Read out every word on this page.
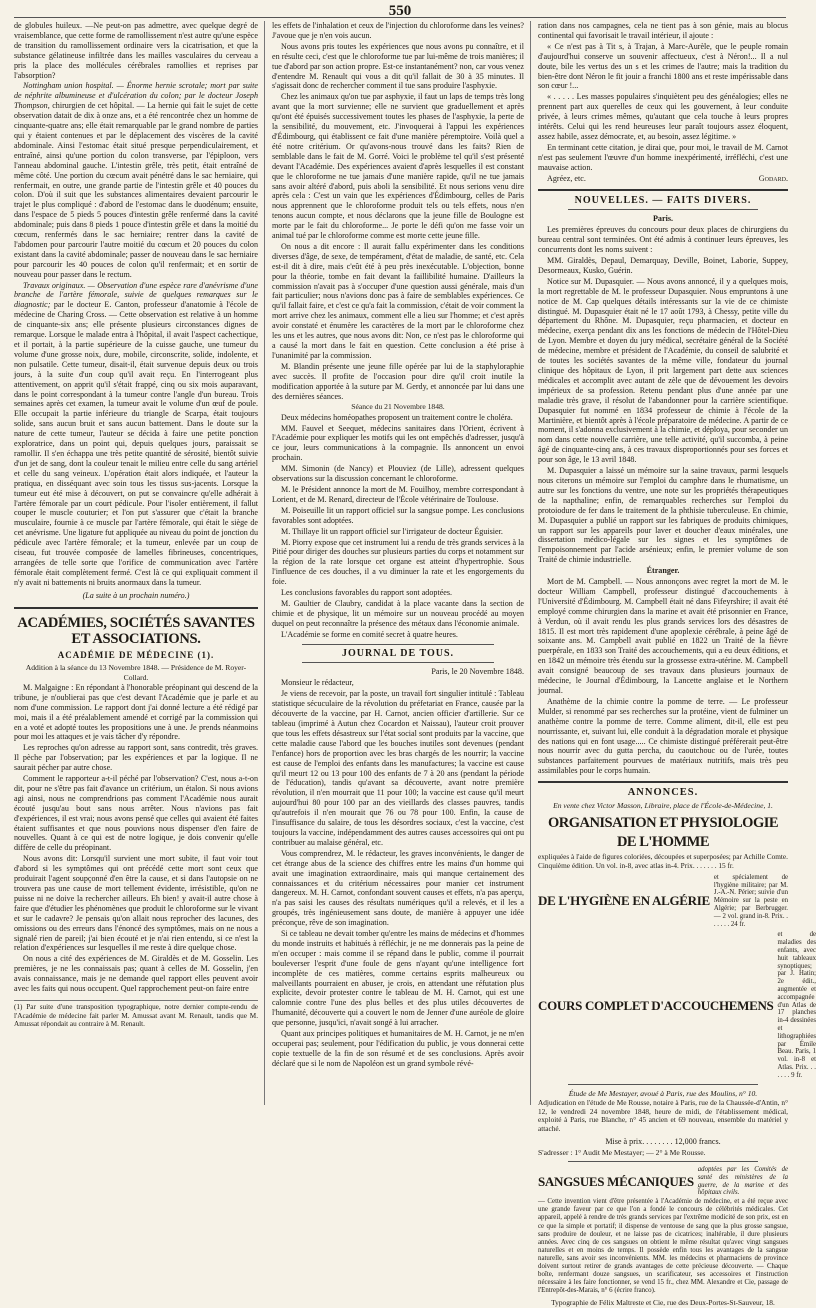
550

de globules huileux. —Ne peut-on pas admettre, avec quelque degré de vraisemblance, que cette forme de ramollissement n'est autre qu'une espèce de transition du ramollissement ordinaire vers la cicatrisation, et que la substance gélatineuse infiltrée dans les mailles vasculaires du cerveau a pris la place des mollécules cérébrales ramollies et reprises par l'absorption?

Nottingham union hospital. — Énorme hernie scrotale; mort par suite de néphrite albumineuse et d'ulcération du colon; par le docteur Joseph Thompson, chirurgien de cet hôpital. — La hernie qui fait le sujet de cette observation datait de dix à onze ans, et a été rencontrée chez un homme de cinquante-quatre ans; elle était remarquable par le grand nombre de parties qui y étaient contenues et par le déplacement des viscères de la cavité abdominale. Ainsi l'estomac était situé presque perpendiculairement, et entraîné, ainsi qu'une portion du colon transverse, par l'épiploon, vers l'anneau abdominal gauche. L'intestin grêle, très petit, était entraîné de même côté. Une portion du cœcum avait pénétré dans le sac herniaire, qui renfermait, en outre, une grande partie de l'intestin grêle et 40 pouces du colon. D'où il suit que les substances alimentaires devaient parcourir le trajet le plus compliqué : d'abord de l'estomac dans le duodénum; ensuite, dans l'espace de 5 pieds 5 pouces d'intestin grêle renfermé dans la cavité abdominale; puis dans 8 pieds 1 pouce d'intestin grêle et dans la moitié du cœcum, renfermés dans le sac herniaire; rentrer dans la cavité de l'abdomen pour parcourir l'autre moitié du cœcum et 20 pouces du colon existant dans la cavité abdominale; passer de nouveau dans le sac herniaire pour parcourir les 40 pouces de colon qu'il renfermait; et en sortir de nouveau pour passer dans le rectum.

Travaux originaux. — Observation d'une espèce rare d'anévrisme d'une branche de l'artère fémorale, suivie de quelques remarques sur le diagnostic; par le docteur E. Canton, professeur d'anatomie à l'école de médecine de Charing Cross. — Cette observation est relative à un homme de cinquante-six ans; elle présente plusieurs circonstances dignes de remarque. Lorsque le malade entra à l'hôpital, il avait l'aspect cachectique, et il portait, à la partie supérieure de la cuisse gauche, une tumeur du volume d'une grosse noix, dure, mobile, circonscrite, solide, indolente, et non pulsatile. Cette tumeur, disait-il, était survenue depuis deux ou trois jours, à la suite d'un coup qu'il avait reçu. En l'interrogeant plus attentivement, on apprit qu'il s'était frappé, cinq ou six mois auparavant, dans le point correspondant à la tumeur contre l'angle d'un bureau. Trois semaines après cet examen, la tumeur avait le volume d'un œuf de poule. Elle occupait la partie inférieure du triangle de Scarpa, était toujours solide, sans aucun bruit et sans aucun battement. Dans le doute sur la nature de cette tumeur, l'auteur se décida à faire une petite ponction exploratrice, dans un point qui, depuis quelques jours, paraissait se ramollir. Il s'en échappa une très petite quantité de sérosité, bientôt suivie d'un jet de sang, dont la couleur tenait le milieu entre celle du sang artériel et celle du sang veineux. L'opération était alors indiquée, et l'auteur la pratiqua, en disséquant avec soin tous les tissus sus-jacents. Lorsque la tumeur eut été mise à découvert, on put se convaincre qu'elle adhérait à l'artère fémorale par un court pédicule. Pour l'isoler entièrement, il fallut couper le muscle couturier; et l'on put s'assurer que c'était la branche musculaire, fournie à ce muscle par l'artère fémorale, qui était le siège de cet anévrisme. Une ligature fut appliquée au niveau du point de jonction du pédicule avec l'artère fémorale; et la tumeur, enlevée par un coup de ciseau, fut trouvée composée de lamelles fibrineuses, concentriques, arrangées de telle sorte que l'orifice de communication avec l'artère fémorale était complètement fermé. C'est là ce qui expliquait comment il n'y avait ni battements ni bruits anormaux dans la tumeur.

(La suite à un prochain numéro.)
ACADÉMIES, SOCIÉTÉS SAVANTES ET ASSOCIATIONS.
ACADÉMIE DE MÉDECINE (1).

Addition à la séance du 13 Novembre 1848. — Présidence de M. Royer-Collard.

M. Malgaigne : En répondant à l'honorable préopinant qui descend de la tribune, je n'oublierai pas que c'est devant l'Académie que je parle et au nom d'une commission. Le rapport dont j'ai donné lecture a été rédigé par moi, mais il a été préalablement amendé et corrigé par la commission qui en a voté et adopté toutes les propositions une à une. Je prends néanmoins pour moi les attaques et je vais tâcher d'y répondre.

Les reproches qu'on adresse au rapport sont, sans contredit, très graves. Il pèche par l'observation; par les expériences et par la logique. Il ne saurait pécher par autre chose.

Comment le rapporteur a-t-il péché par l'observation? C'est, nous a-t-on dit, pour ne s'être pas fait d'avance un critérium, un étalon. Si nous avions agi ainsi, nous ne comprendrions pas comment l'Académie nous aurait écouté jusqu'au bout sans nous arrêter. Nous n'avions pas fait d'expériences, il est vrai; nous avons pensé que celles qui avaient été faites étaient suffisantes et que nous pouvions nous dispenser d'en faire de nouvelles. Quant à ce qui est de notre logique, je dois convenir qu'elle diffère de celle du préopinant.

Nous avons dit: Lorsqu'il survient une mort subite, il faut voir tout d'abord si les symptômes qui ont précédé cette mort sont ceux que produirait l'agent soupçonné d'en être la cause, et si dans l'autopsie on ne trouvera pas une cause de mort tellement évidente, irrésistible, qu'on ne puisse ni ne doive la rechercher ailleurs. Eh bien! y avait-il autre chose à faire que d'étudier les phénomènes que produit le chloroforme sur le vivant et sur le cadavre? Je pensais qu'on allait nous reprocher des lacunes, des omissions ou des erreurs dans l'énoncé des symptômes, mais on ne nous a signalé rien de pareil; j'ai bien écouté et je n'ai rien entendu, si ce n'est la relation d'expériences sur lesquelles il me reste à dire quelque chose.

On nous a cité des expériences de M. Giraldès et de M. Gosselin. Les premières, je ne les connaissais pas; quant à celles de M. Gosselin, j'en avais connaissance, mais je ne demande quel rapport elles peuvent avoir avec les faits qui nous occupent. Quel rapprochement peut-on faire entre

(1) Par suite d'une transposition typographique, notre dernier compte-rendu de l'Académie de médecine fait parler M. Amussat avant M. Renault, tandis que M. Amussat répondait au contraire à M. Renault.

les effets de l'inhalation et ceux de l'injection du chloroforme dans les veines? J'avoue que je n'en vois aucun.

Nous avons pris toutes les expériences que nous avons pu connaître, et il en résulte ceci, c'est que le chloroforme tue par lui-même de trois manières; il tue d'abord par son action propre. Est-ce instantanément? non, car vous venez d'entendre M. Renault qui vous a dit qu'il fallait de 30 à 35 minutes. Il s'agissait donc de rechercher comment il tue sans produire l'asphyxie.

Chez les animaux qu'on tue par asphyxie, il faut un laps de temps très long avant que la mort survienne; elle ne survient que graduellement et après qu'ont été épuisés successivement toutes les phases de l'asphyxie, la perte de la sensibilité, du mouvement, etc. J'invoquerai à l'appui les expériences d'Édimbourg, qui établissent ce fait d'une manière péremptoire. Voilà quel a été notre critérium. Or qu'avons-nous trouvé dans les faits? Rien de semblable dans le fait de M. Gorré. Voici le problème tel qu'il s'est présenté devant l'Académie. Des expériences avaient d'après lesquelles il est constant que le chloroforme ne tue jamais d'une manière rapide, qu'il ne tue jamais sans avoir altéré d'abord, puis aboli la sensibilité. Et nous serions venu dire après cela : C'est un vain que les expériences d'Édimbourg, celles de Paris nous apprennent que le chloroforme produit tels ou tels effets, nous n'en tenons aucun compte, et nous déclarons que la jeune fille de Boulogne est morte par le fait du chloroforme... Je porte le défi qu'on me fasse voir un animal tué par le chloroforme comme est morte cette jeune fille.

On nous a dit encore : Il aurait fallu expérimenter dans les conditions diverses d'âge, de sexe, de tempérament, d'état de maladie, de santé, etc. Cela est-il dit à dire, mais c'eût été à peu près inexécutable. L'objection, bonne pour la théorie, tombe en fait devant la faillibilité humaine. D'ailleurs la commission n'avait pas à s'occuper d'une question aussi générale, mais d'un fait particulier; nous n'avions donc pas à faire de semblables expériences. Ce qu'il fallait faire, et c'est ce qu'a fait la commission, c'était de voir comment la mort arrive chez les animaux, comment elle a lieu sur l'homme; et c'est après avoir constaté et énumère les caractères de la mort par le chloroforme chez les uns et les autres, que nous avons dit: Non, ce n'est pas le chloroforme qui a causé la mort dans le fait en question. Cette conclusion a été prise à l'unanimité par la commission.

M. Blandin présente une jeune fille opérée par lui de la staphyloraphie avec succès. Il profite de l'occasion pour dire qu'il croit inutile la modification apportée à la suture par M. Gerdy, et annoncée par lui dans une des dernières séances.

Séance du 21 Novembre 1848.

Deux médecins homéopathes proposent un traitement contre le choléra.

MM. Fauvel et Seequet, médecins sanitaires dans l'Orient, écrivent à l'Académie pour expliquer les motifs qui les ont empêchés d'adresser, jusqu'à ce jour, leurs communications à la compagnie. Ils annoncent un envoi prochain.

MM. Simonin (de Nancy) et Plouviez (de Lille), adressent quelques observations sur la discussion concernant le chloroforme.

M. le Président annonce la mort de M. Fouilhoy, membre correspondant à Lorient, et de M. Renard, directeur de l'École vétérinaire de Toulouse.

M. Poiseuille lit un rapport officiel sur la sangsue pompe. Les conclusions favorables sont adoptées.

M. Thillaye lit un rapport officiel sur l'irrigateur de docteur Éguisier.

M. Piorry expose que cet instrument lui a rendu de très grands services à la Pitié pour diriger des douches sur plusieurs parties du corps et notamment sur la région de la rate lorsque cet organe est atteint d'hypertrophie. Sous l'influence de ces douches, il a vu diminuer la rate et les engorgements du foie.

Les conclusions favorables du rapport sont adoptées.

M. Gaultier de Claubry, candidat à la place vacante dans la section de chimie et de physique, lit un mémoire sur un nouveau procédé au moyen duquel on peut reconnaître la présence des métaux dans l'économie animale.

L'Académie se forme en comité secret à quatre heures.

JOURNAL DE TOUS.

Paris, le 20 Novembre 1848.

Monsieur le rédacteur,

Je viens de recevoir, par la poste, un travail fort singulier intitulé : Tableau statistique sécuculaire de la révolution du préfetariat en France, causée par la découverte de la vaccine, par H. Carnot, ancien officier d'artillerie. Sur ce tableau (imprimé à Autun chez Cocardon et Naissau), l'auteur croit prouver que tous les effets désastreux sur l'état social sont produits par la vaccine, que cette maladie cause l'abord que les bouches inutiles sont devenues (pendant l'enfance) hors de proportion avec les bras chargés de les nourrir; la vaccine est cause de l'emploi des enfants dans les manufactures; la vaccine est cause qu'il meurt 12 ou 13 pour 100 des enfants de 7 à 20 ans (pendant la période de l'éducation), tandis qu'avant sa découverte, avant notre première révolution, il n'en mourrait que 11 pour 100; la vaccine est cause qu'il meurt aujourd'hui 80 pour 100 par an des vieillards des classes pauvres, tandis qu'autrefois il n'en mourait que 76 ou 78 pour 100. Enfin, la cause de l'insuffisance du salaire, de tous les désordres sociaux, c'est la vaccine, c'est toujours la vaccine, indépendamment des autres causes accessoires qui ont pu contribuer au malaise général, etc.

Vous comprendrez, M. le rédacteur, les graves inconvénients, le danger de cet étrange abus de la science des chiffres entre les mains d'un homme qui avait une imagination extraordinaire, mais qui manque certainement des connaissances et du critérium nécessaires pour manier cet instrument dangereux. M. H. Carnot, confondant souvent causes et effets, n'a pas aperçu, n'a pas saisi les causes des résultats numériques qu'il a relevés, et il les a groupés, très ingénieusement sans doute, de manière à appuyer une idée préconçue, rêve de son imagination.

Si ce tableau ne devait tomber qu'entre les mains de médecins et d'hommes du monde instruits et habitués à réfléchir, je ne me donnerais pas la peine de m'en occuper : mais comme il se répand dans le public, comme il pourrait bouleverser l'esprit d'une foule de gens n'ayant qu'une intelligence fort incomplète de ces matières, comme certains esprits malheureux ou malveillants pourraient en abuser, je crois, en attendant une réfutation plus explicite, devoir protester contre le tableau de M. H. Carnot, qui est une calomnie contre l'une des plus belles et des plus utiles découvertes de l'humanité, découverte qui a couvert le nom de Jenner d'une auréole de gloire que personne, jusqu'ici, n'avait songé à lui arracher.

Quant aux principes politiques et humanitaires de M. H. Carnot, je ne m'en occuperai pas; seulement, pour l'édification du public, je vous donnerai cette copie textuelle de la fin de son résumé et de ses conclusions. Après avoir déclaré que si le nom de Napoléon est un grand symbole révé-

ration dans nos campagnes, cela ne tient pas à son génie, mais au blocus continental qui favorisait le travail intérieur, il ajoute :

« Ce n'est pas à Tit s, à Trajan, à Marc-Aurèle, que le peuple romain d'aujourd'hui conserve un souvenir affectueux, c'est à Néron!... Il a nul doute, bile les vertus des un s et les crimes de l'autre; mais la tradition du bien-être dont Néron le fit jouir a franchi 1800 ans et reste impérissable dans son cœur !...

« . . . . . Les masses populaires s'inquiètent peu des généalogies; elles ne prennent part aux querelles de ceux qui les gouvernent, à leur conduite privée, à leurs crimes mêmes, qu'autant que cela touche à leurs propres intérêts. Celui qui les rend heureuses leur paraît toujours assez éloquent, assez habile, assez démocrate, et, au besoin, assez légitime. »

En terminant cette citation, je dirai que, pour moi, le travail de M. Carnot n'est pas seulement l'œuvre d'un homme inexpérimenté, irréfléchi, c'est une mauvaise action.

Agréez, etc.	Godard.

NOUVELLES. — FAITS DIVERS.

Paris.

Les premières épreuves du concours pour deux places de chirurgiens du bureau central sont terminées. Ont été admis à continuer leurs épreuves, les concurrents dont les noms suivent :

MM. Giraldès, Depaul, Demarquay, Deville, Boinet, Laborie, Suppey, Desormeaux, Kusko, Guérin.

Notice sur M. Dupasquier. — Nous avons annoncé, il y a quelques mois, la mort regrettable de M. le professeur Dupasquier. Nous empruntons à une notice de M. Cap quelques détails intéressants sur la vie de ce chimiste distingué. M. Dupasquier était né le 17 août 1793, à Chessy, petite ville du département du Rhône. M. Dupasquier, reçu pharmacien, et docteur en médecine, exerça pendant dix ans les fonctions de médecin de l'Hôtel-Dieu de Lyon. Membre et doyen du jury médical, secrétaire général de la Société de médecine, membre et président de l'Académie, du conseil de salubrité et de toutes les sociétés savantes de la même ville, fondateur du journal clinique des hôpitaux de Lyon, il prit largement part dette aux sciences médicales et accomplit avec autant de zèle que de dévouement les devoirs impérieux de sa profession. Retenu pendant plus d'une année par une maladie très grave, il résolut de l'abandonner pour la carrière scientifique. Dupasquier fut nommé en 1834 professeur de chimie à l'école de la Martinière, et bientôt après à l'école préparatoire de médecine. A partir de ce moment, il s'adonna exclusivement à la chimie, et déploya, pour seconder un nom dans cette nouvelle carrière, une telle activité, qu'il succomba, à peine âgé de cinquante-cinq ans, à ces travaux disproportionnés pour ses forces et pour son âge, le 13 avril 1848.

M. Dupasquier a laissé un mémoire sur la saine travaux, parmi lesquels nous citerons un mémoire sur l'emploi du camphre dans le rhumatisme, un autre sur les fonctions du ventre, une note sur les propriétés thérapeutiques de la napthaline; enfin, de remarquables recherches sur l'emploi du protoiodure de fer dans le traitement de la phthisie tuberculeuse. En chimie, M. Dupasquier a publié un rapport sur les fabriques de produits chimiques, un rapport sur les appareils pour laver et doucher d'eaux minérales, une dissertation médico-légale sur les signes et les symptômes de l'empoisonnement par l'acide arsénieux; enfin, le premier volume de son Traité de chimie industrielle.

Étranger.

Mort de M. Campbell. — Nous annonçons avec regret la mort de M. le docteur William Campbell, professeur distingué d'accouchements à l'Université d'Édimbourg. M. Campbell était né dans Fifeyrshire; il avait été employé comme chirurgien dans la marine et avait été prisonnier en France, à Verdun, où il avait rendu les plus grands services lors des désastres de 1815. Il est mort très rapidement d'une apoplexie cérébrale, à peine âgé de soixante ans. M. Campbell avait publié en 1822 un Traité de la fièvre puerpérale, en 1833 son Traité des accouchements, qui a eu deux éditions, et en 1842 un mémoire très étendu sur la grossesse extra-utérine. M. Campbell avait consigné beaucoup de ses travaux dans plusieurs journaux de médecine, le Journal d'Édimbourg, la Lancette anglaise et le Northern journal.

Anathème de la chimie contre la pomme de terre. — Le professeur Mulder, si renommé par ses recherches sur la protéine, vient de fulminer un anathème contre la pomme de terre. Comme aliment, dit-il, elle est peu nourrissante, et, suivant lui, elle conduit à la dégradation morale et physique des nations qui en font usage..... Ce chimiste distingué préférerait peut-être nous nourrir avec du gutta percha, du caoutchouc ou de l'urée, toutes substances parfaitement pourvues de matériaux nutritifs, mais très peu assimilables pour le corps humain.

ANNONCES.

En vente chez Victor Masson, Libraire, place de l'École-de-Médecine, 1.

ORGANISATION ET PHYSIOLOGIE DE L'HOMME
expliquées à l'aide de figures coloriées, découpées et superposées; par Achille Comte. Cinquième édition. Un vol. in-8, avec atlas in-4. Prix. . . . . . . 15 fr.
DE L'HYGIÈNE EN ALGÉRIE
et spécialement de l'hygiène militaire; par M. J.-A.-N. Périer; suivie d'un Mémoire sur la peste en Algérie; par Berbrugger. — 2 vol. grand in-8. Prix. . . . . . . 24 fr.
COURS COMPLET D'ACCOUCHEMENS
et de maladies des enfants, avec huit tableaux synoptiques; par J. Hatin; 2e édit., augmentée et accompagnée d'un Atlas de 17 planches in-4 dessinées et lithographiées par Émile Beau. Paris, 1 vol. in-8 et Atlas. Prix. . . . . . . 9 fr.

Étude de Me Mestayer, avoué à Paris, rue des Moulins, n° 10.

Adjudication en l'étude de Me Rousse, notaire à Paris, rue de la Chaussée-d'Antin, n° 12, le vendredi 24 novembre 1848, heure de midi, de l'établissement médical, exploité à Paris, rue Blanche, n° 45 ancien et 69 nouveau, ensemble du matériel y attaché.

Mise à prix. . . . . . . . 12,000 francs.

S'adresser : 1° Audit Me Mestayer; — 2° à Me Rousse.

SANGSUES MÉCANIQUES
adoptées par les Comités de santé des ministères de la guerre, de la marine et des hôpitaux civils.
— Cette invention vient d'être présentée à l'Académie de médecine, et a été reçue avec une grande faveur par ce que l'on a fondé le concours de célébrités médicales. Cet appareil, appelé à rendre de très grands services par l'extrême modicité de son prix, est en ce que la simple et portatif; il dispense de ventouse de sang que la plus grosse sangsue, sans produire de douleur, et ne laisse pas de cicatrices; inaltérable, il dure plusieurs années. Avec cinq de ces sangsues on obtient le même résultat qu'avec vingt sangsues naturelles et en moins de temps. Il possède enfin tous les avantages de la sangsue naturelle, sans avoir ses inconvénients. MM. les médecins et pharmaciens de province doivent surtout retirer de grands avantages de cette précieuse découverte. — Chaque boîte, renfermant douze sangsues, un scarificateur, ses accessoires et l'instruction nécessaire à les faire fonctionner, se vend 15 fr., chez MM. Alexandre et Cie, passage de l'Entrepôt-des-Marais, n° 6 (écrire franco).
Typographie de Félix Maltreste et Cie, rue des Deux-Portes-St-Sauveur, 18.
